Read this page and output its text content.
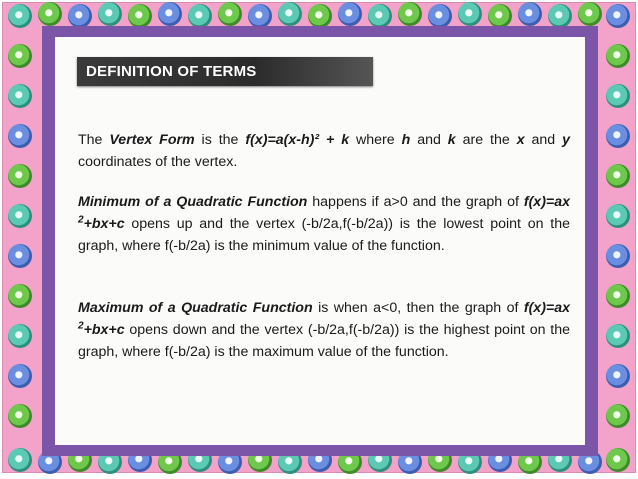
DEFINITION OF TERMS
The Vertex Form is the f(x)=a(x-h)² + k where h and k are the x and y coordinates of the vertex.
Minimum of a Quadratic Function happens if a>0 and the graph of f(x)=ax $^2$+bx+c opens up and the vertex (-b/2a,f(-b/2a)) is the lowest point on the graph, where f(-b/2a) is the minimum value of the function.
Maximum of a Quadratic Function is when a<0, then the graph of f(x)=ax $^2$+bx+c opens down and the vertex (-b/2a,f(-b/2a)) is the highest point on the graph, where f(-b/2a) is the maximum value of the function.
